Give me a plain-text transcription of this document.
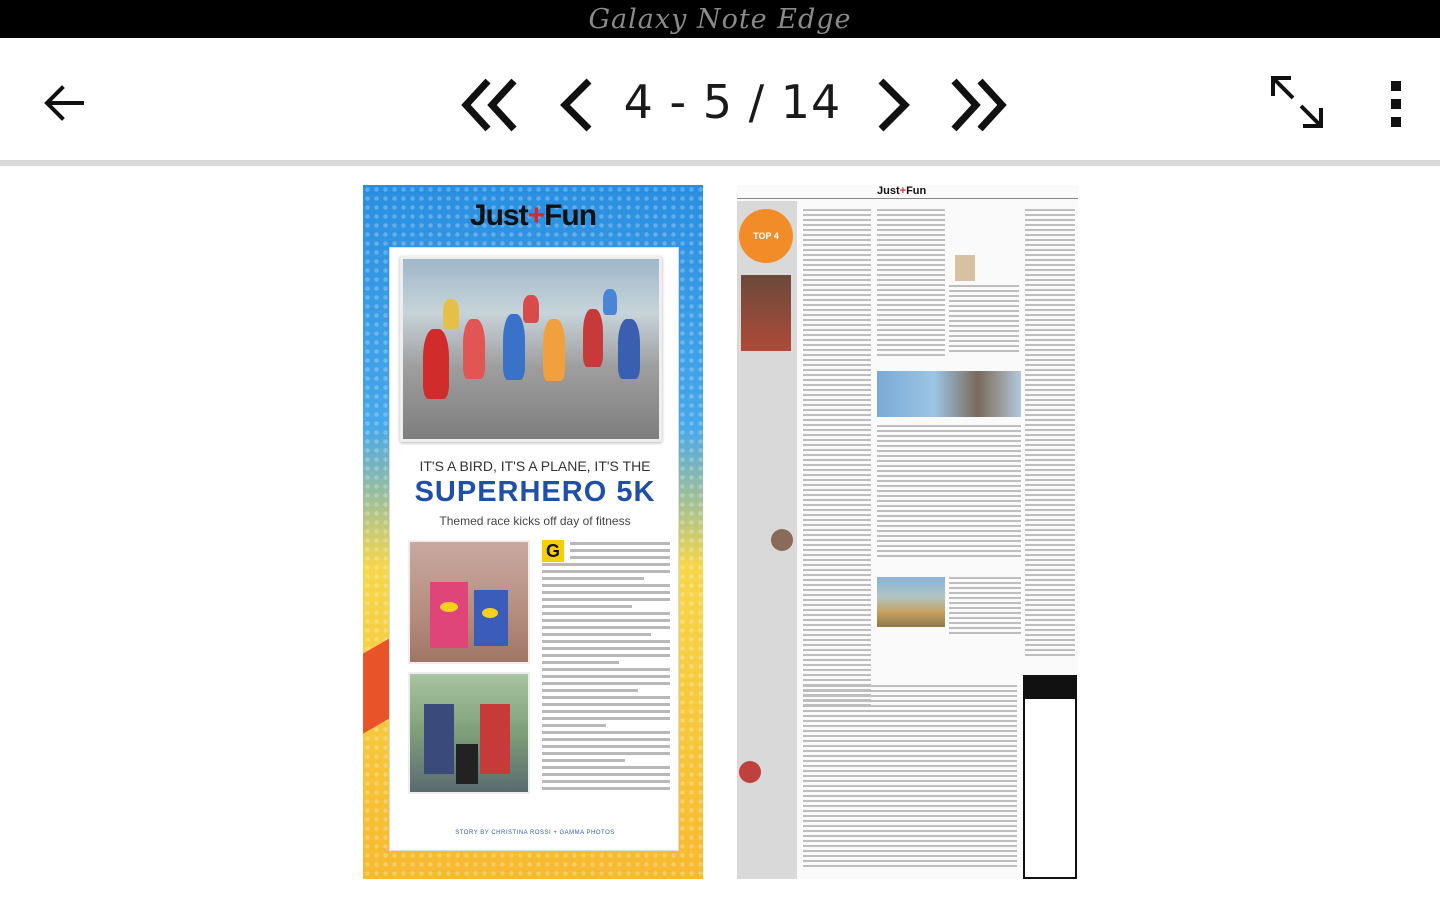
Galaxy Note Edge
4 - 5 / 14
Just+Fun
IT'S A BIRD, IT'S A PLANE, IT'S THE
SUPERHERO 5K
Themed race kicks off day of fitness
G
STORY BY CHRISTINA ROSSI + GAMMA PHOTOS
Just+Fun
TOP 4
